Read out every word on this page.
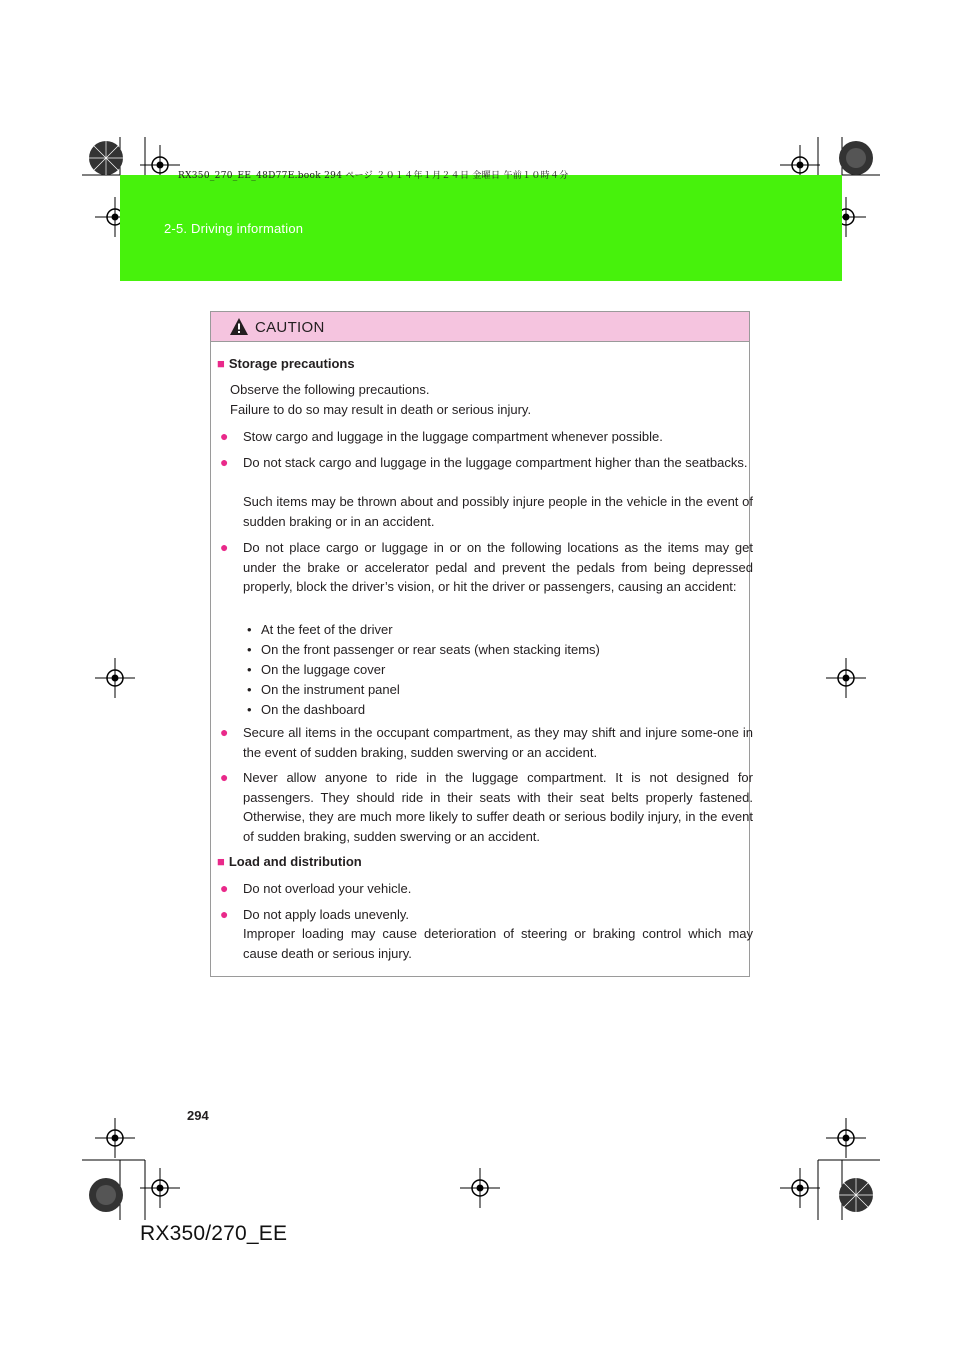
2-5. Driving information
RX350_270_EE_48D77E.book 294 ページ ２０１４年１月２４日 金曜日 午前１０時４分
CAUTION
■ Storage precautions
Observe the following precautions.
Failure to do so may result in death or serious injury.
● Stow cargo and luggage in the luggage compartment whenever possible.
● Do not stack cargo and luggage in the luggage compartment higher than the seatbacks.
Such items may be thrown about and possibly injure people in the vehicle in the event of sudden braking or in an accident.
● Do not place cargo or luggage in or on the following locations as the items may get under the brake or accelerator pedal and prevent the pedals from being depressed properly, block the driver’s vision, or hit the driver or passengers, causing an accident:
• At the feet of the driver
• On the front passenger or rear seats (when stacking items)
• On the luggage cover
• On the instrument panel
• On the dashboard
● Secure all items in the occupant compartment, as they may shift and injure some-one in the event of sudden braking, sudden swerving or an accident.
● Never allow anyone to ride in the luggage compartment. It is not designed for passengers. They should ride in their seats with their seat belts properly fastened. Otherwise, they are much more likely to suffer death or serious bodily injury, in the event of sudden braking, sudden swerving or an accident.
■ Load and distribution
● Do not overload your vehicle.
● Do not apply loads unevenly.
Improper loading may cause deterioration of steering or braking control which may cause death or serious injury.
294
RX350/270_EE
